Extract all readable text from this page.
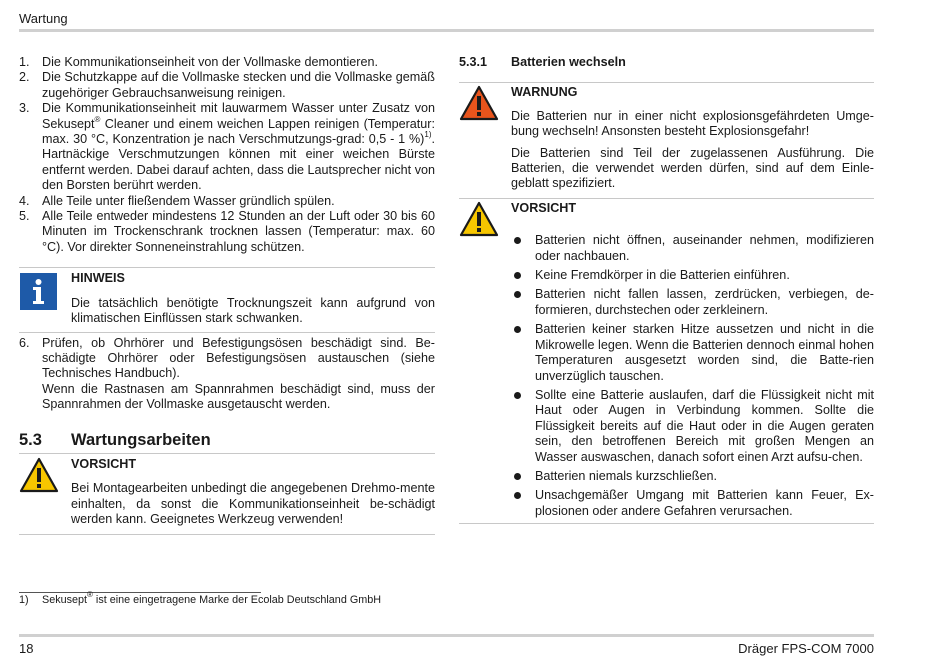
Wartung
1. Die Kommunikationseinheit von der Vollmaske demontieren.
2. Die Schutzkappe auf die Vollmaske stecken und die Vollmaske gemäß zugehöriger Gebrauchsanweisung reinigen.
3. Die Kommunikationseinheit mit lauwarmem Wasser unter Zusatz von Sekusept® Cleaner und einem weichen Lappen reinigen (Temperatur: max. 30 °C, Konzentration je nach Verschmutzungs-grad: 0,5 - 1 %)$^{1)}$. Hartnäckige Verschmutzungen können mit einer weichen Bürste entfernt werden. Dabei darauf achten, dass die Lautsprecher nicht von den Borsten berührt werden.
4. Alle Teile unter fließendem Wasser gründlich spülen.
5. Alle Teile entweder mindestens 12 Stunden an der Luft oder 30 bis 60 Minuten im Trockenschrank trocknen lassen (Temperatur: max. 60 °C). Vor direkter Sonneneinstrahlung schützen.
HINWEIS
Die tatsächlich benötigte Trocknungszeit kann aufgrund von klimatischen Einflüssen stark schwanken.
6. Prüfen, ob Ohrhörer und Befestigungsösen beschädigt sind. Be-schädigte Ohrhörer oder Befestigungsösen austauschen (siehe Technisches Handbuch).
Wenn die Rastnasen am Spannrahmen beschädigt sind, muss der Spannrahmen der Vollmaske ausgetauscht werden.
5.3	Wartungsarbeiten
VORSICHT
Bei Montagearbeiten unbedingt die angegebenen Drehmo-mente einhalten, da sonst die Kommunikationseinheit be-schädigt werden kann. Geeignetes Werkzeug verwenden!
5.3.1	Batterien wechseln
WARNUNG
Die Batterien nur in einer nicht explosionsgefährdeten Umge-bung wechseln! Ansonsten besteht Explosionsgefahr!
Die Batterien sind Teil der zugelassenen Ausführung. Die Batterien, die verwendet werden dürfen, sind auf dem Einle-geblatt spezifiziert.
VORSICHT
Batterien nicht öffnen, auseinander nehmen, modifizieren oder nachbauen.
Keine Fremdkörper in die Batterien einführen.
Batterien nicht fallen lassen, zerdrücken, verbiegen, de-formieren, durchstechen oder zerkleinern.
Batterien keiner starken Hitze aussetzen und nicht in die Mikrowelle legen. Wenn die Batterien dennoch einmal hohen Temperaturen ausgesetzt worden sind, die Batte-rien unverzüglich tauschen.
Sollte eine Batterie auslaufen, darf die Flüssigkeit nicht mit Haut oder Augen in Verbindung kommen. Sollte die Flüssigkeit bereits auf die Haut oder in die Augen geraten sein, den betroffenen Bereich mit großen Mengen an Wasser auswaschen, danach sofort einen Arzt aufsu-chen.
Batterien niemals kurzschließen.
Unsachgemäßer Umgang mit Batterien kann Feuer, Ex-plosionen oder andere Gefahren verursachen.
1) Sekusept® ist eine eingetragene Marke der Ecolab Deutschland GmbH
18	Dräger FPS-COM 7000
